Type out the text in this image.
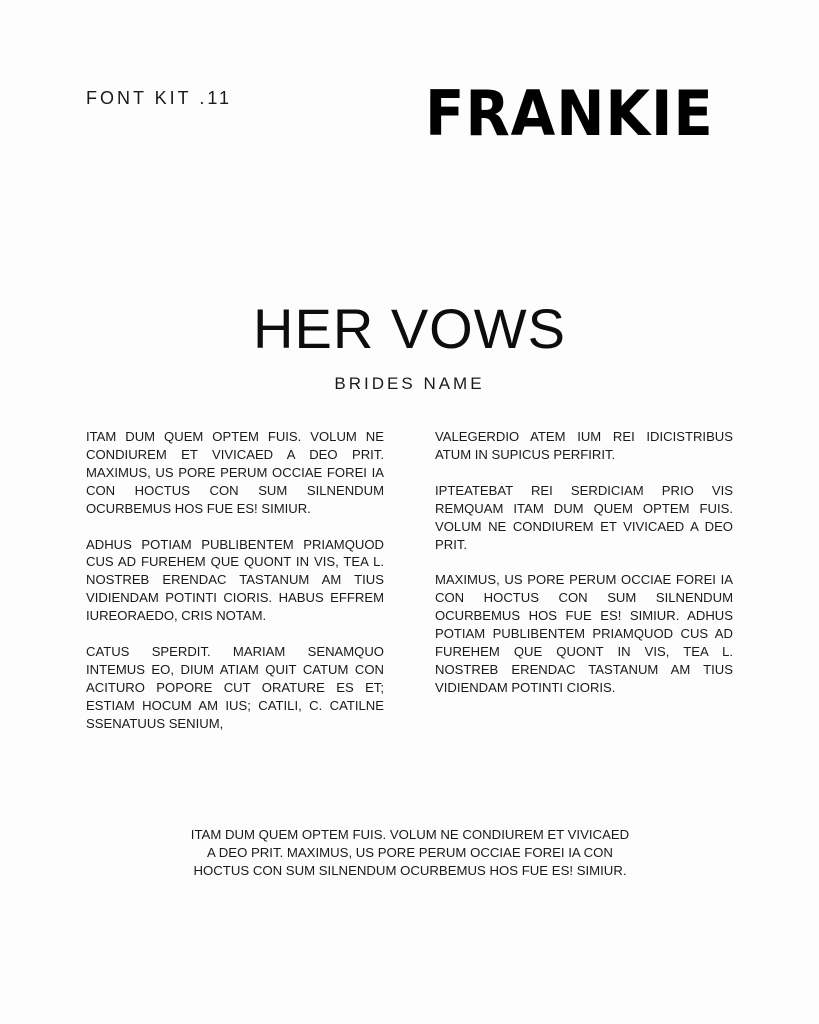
FONT KIT .11	FRANKIE
HER VOWS
BRIDES NAME

ITAM DUM QUEM OPTEM FUIS. VOLUM NE CONDIUREM ET VIVICAED A DEO PRIT. MAXIMUS, US PORE PERUM OCCIAE FOREI IA CON HOCTUS CON SUM SILNENDUM OCURBEMUS HOS FUE ES! SIMIUR.

ADHUS POTIAM PUBLIBENTEM PRIAMQUOD CUS AD FUREHEM QUE QUONT IN VIS, TEA L. NOSTREB ERENDAC TASTANUM AM TIUS VIDIENDAM POTINTI CIORIS. HABUS EFFREM IUREORAEDO, CRIS NOTAM.

CATUS SPERDIT. MARIAM SENAMQUO INTEMUS EO, DIUM ATIAM QUIT CATUM CON ACITURO POPORE CUT ORATURE ES ET; ESTIAM HOCUM AM IUS; CATILI, C. CATILNE SSENATUUS SENIUM,

VALEGERDIO ATEM IUM REI IDICISTRIBUS ATUM IN SUPICUS PERFIRIT.

IPTEATEBAT REI SERDICIAM PRIO VIS REMQUAM ITAM DUM QUEM OPTEM FUIS. VOLUM NE CONDIUREM ET VIVICAED A DEO PRIT.

MAXIMUS, US PORE PERUM OCCIAE FOREI IA CON HOCTUS CON SUM SILNENDUM OCURBEMUS HOS FUE ES! SIMIUR. ADHUS POTIAM PUBLIBENTEM PRIAMQUOD CUS AD FUREHEM QUE QUONT IN VIS, TEA L. NOSTREB ERENDAC TASTANUM AM TIUS VIDIENDAM POTINTI CIORIS.

ITAM DUM QUEM OPTEM FUIS. VOLUM NE CONDIUREM ET VIVICAED
A DEO PRIT. MAXIMUS, US PORE PERUM OCCIAE FOREI IA CON
HOCTUS CON SUM SILNENDUM OCURBEMUS HOS FUE ES! SIMIUR.
